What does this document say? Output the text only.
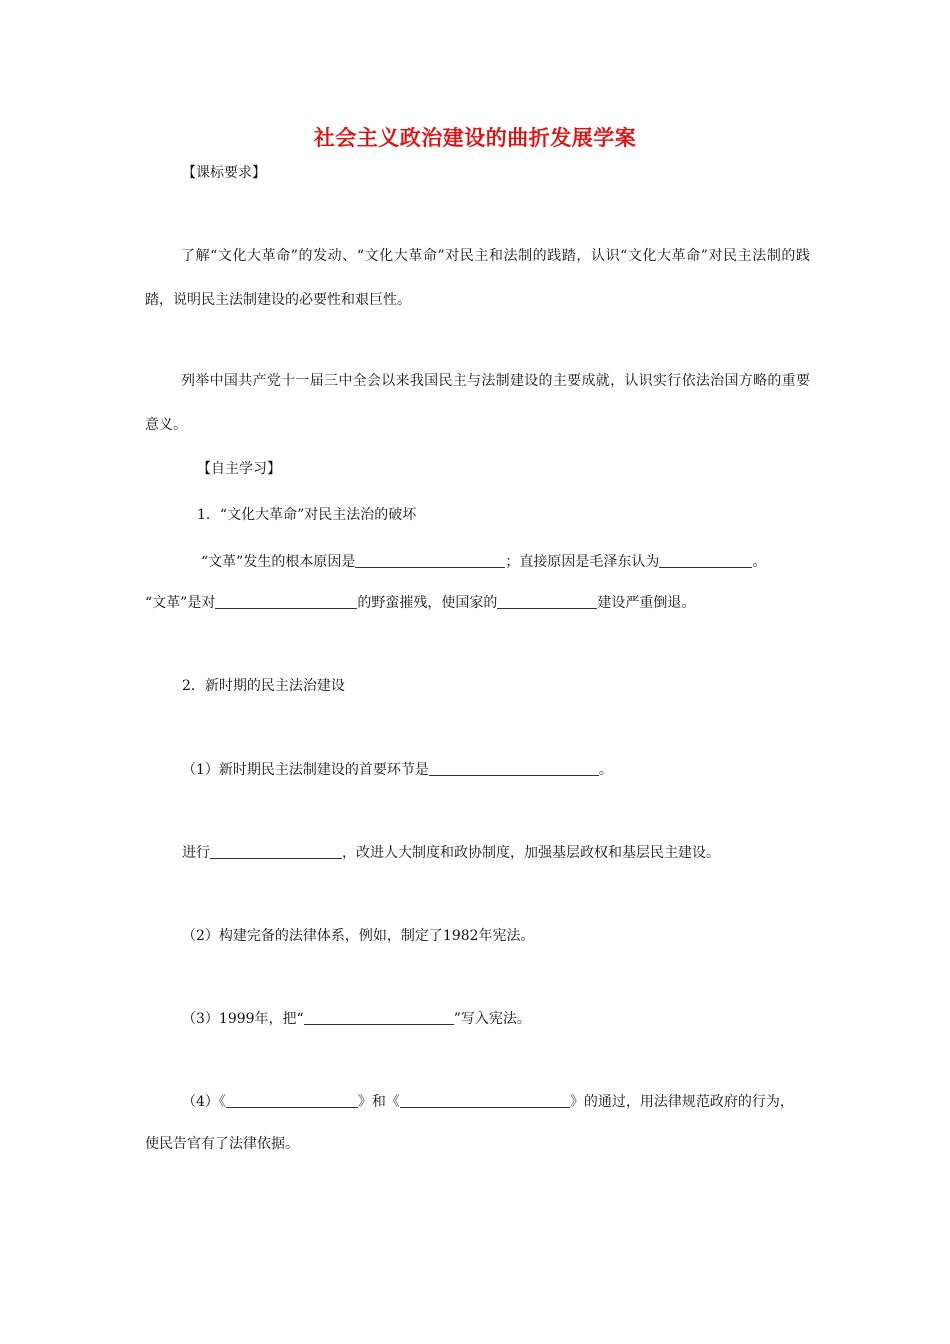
社会主义政治建设的曲折发展学案
【课标要求】
了解“文化大革命”的发动、“文化大革命”对民主和法制的践踏，认识“文化大革命”对民主法制的践踏，说明民主法制建设的必要性和艰巨性。
列举中国共产党十一届三中全会以来我国民主与法制建设的主要成就，认识实行依法治国方略的重要意义。
【自主学习】
1．“文化大革命”对民主法治的破坏
“文革”发生的根本原因是	；直接原因是毛泽东认为	。
“文革”是对	的野蛮摧残，使国家的	建设严重倒退。
2．新时期的民主法治建设
（1）新时期民主法制建设的首要环节是	。
进行	，改进人大制度和政协制度，加强基层政权和基层民主建设。
（2）构建完备的法律体系，例如，制定了1982年宪法。
（3）1999年，把“	”写入宪法。
（4）《	》和《	》的通过，用法律规范政府的行为，
使民告官有了法律依据。
